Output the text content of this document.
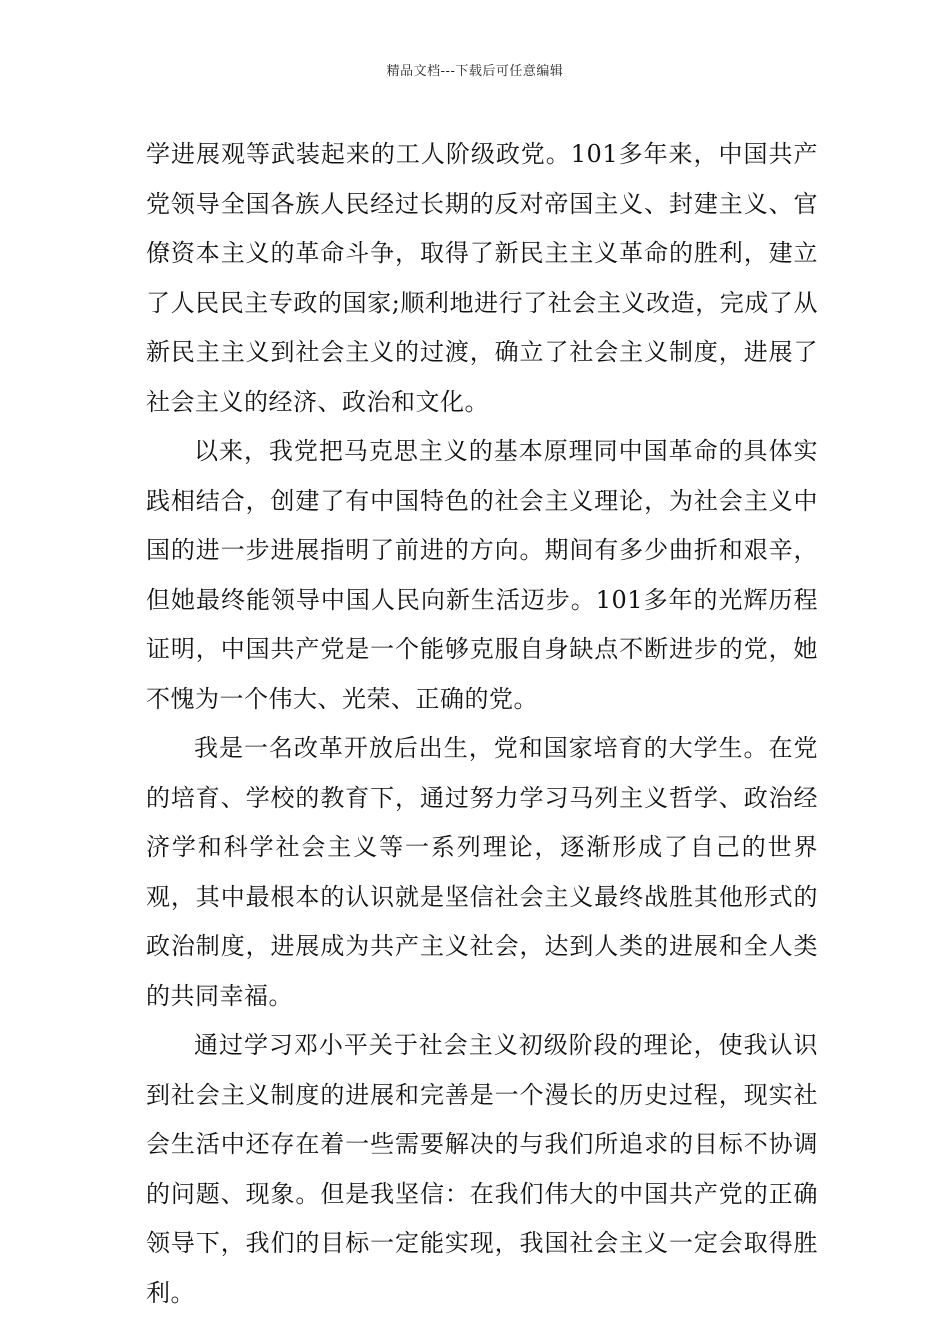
精品文档---下载后可任意编辑

学进展观等武装起来的工人阶级政党。101多年来，中国共产党领导全国各族人民经过长期的反对帝国主义、封建主义、官僚资本主义的革命斗争，取得了新民主主义革命的胜利，建立了人民民主专政的国家;顺利地进行了社会主义改造，完成了从新民主主义到社会主义的过渡，确立了社会主义制度，进展了社会主义的经济、政治和文化。

以来，我党把马克思主义的基本原理同中国革命的具体实践相结合，创建了有中国特色的社会主义理论，为社会主义中国的进一步进展指明了前进的方向。期间有多少曲折和艰辛，但她最终能领导中国人民向新生活迈步。101多年的光辉历程证明，中国共产党是一个能够克服自身缺点不断进步的党，她不愧为一个伟大、光荣、正确的党。

我是一名改革开放后出生，党和国家培育的大学生。在党的培育、学校的教育下，通过努力学习马列主义哲学、政治经济学和科学社会主义等一系列理论，逐渐形成了自己的世界观，其中最根本的认识就是坚信社会主义最终战胜其他形式的政治制度，进展成为共产主义社会，达到人类的进展和全人类的共同幸福。

通过学习邓小平关于社会主义初级阶段的理论，使我认识到社会主义制度的进展和完善是一个漫长的历史过程，现实社会生活中还存在着一些需要解决的与我们所追求的目标不协调的问题、现象。但是我坚信：在我们伟大的中国共产党的正确领导下，我们的目标一定能实现，我国社会主义一定会取得胜利。
